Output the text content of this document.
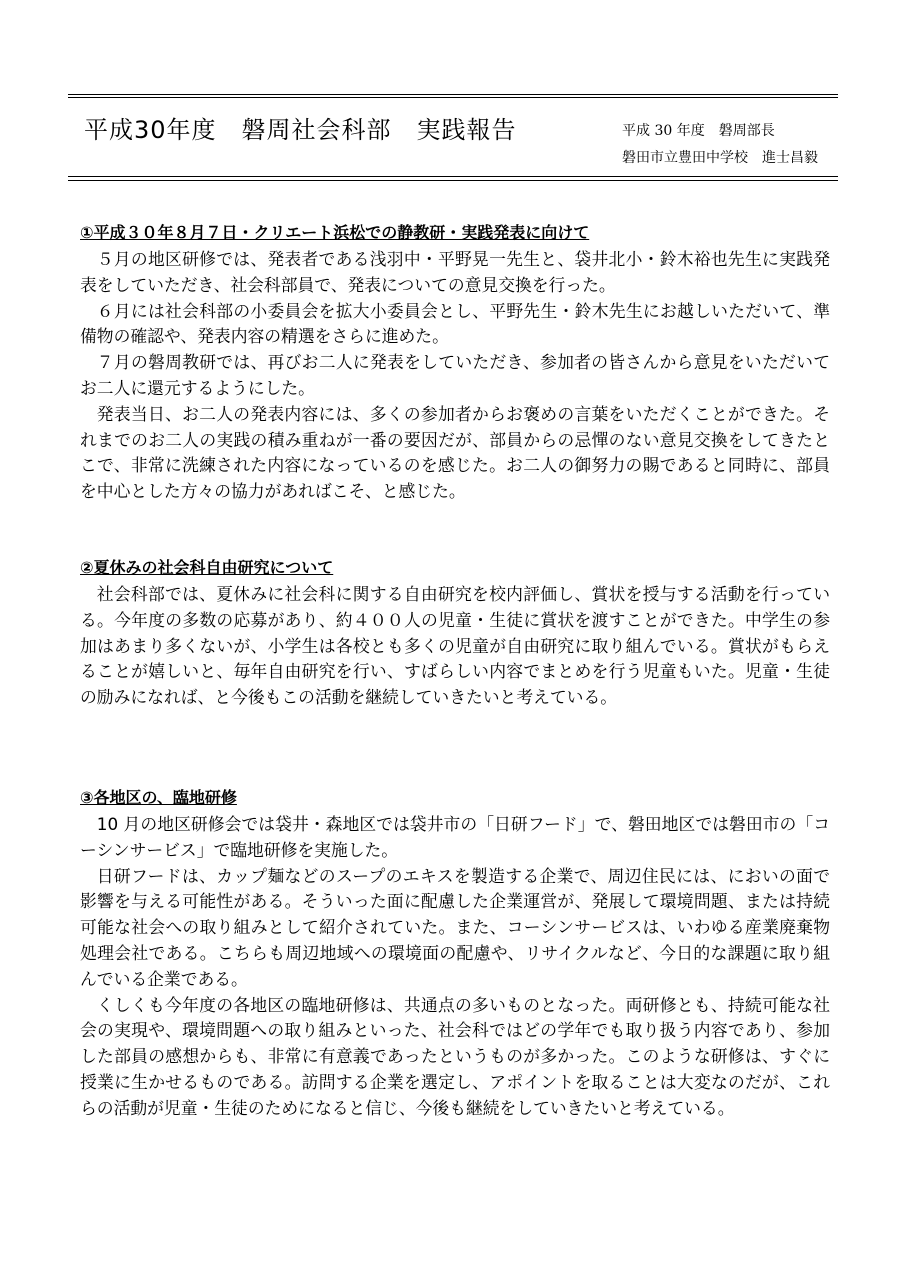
平成30年度　磐周社会科部　実践報告	平成 30 年度　磐周部長
磐田市立豊田中学校　進士昌毅
①平成３０年８月７日・クリエート浜松での静教研・実践発表に向けて

５月の地区研修では、発表者である浅羽中・平野晃一先生と、袋井北小・鈴木裕也先生に実践発表をしていただき、社会科部員で、発表についての意見交換を行った。

６月には社会科部の小委員会を拡大小委員会とし、平野先生・鈴木先生にお越しいただいて、準備物の確認や、発表内容の精選をさらに進めた。

７月の磐周教研では、再びお二人に発表をしていただき、参加者の皆さんから意見をいただいてお二人に還元するようにした。

発表当日、お二人の発表内容には、多くの参加者からお褒めの言葉をいただくことができた。それまでのお二人の実践の積み重ねが一番の要因だが、部員からの忌憚のない意見交換をしてきたとこで、非常に洗練された内容になっているのを感じた。お二人の御努力の賜であると同時に、部員を中心とした方々の協力があればこそ、と感じた。

②夏休みの社会科自由研究について

社会科部では、夏休みに社会科に関する自由研究を校内評価し、賞状を授与する活動を行っている。今年度の多数の応募があり、約４００人の児童・生徒に賞状を渡すことができた。中学生の参加はあまり多くないが、小学生は各校とも多くの児童が自由研究に取り組んでいる。賞状がもらえることが嬉しいと、毎年自由研究を行い、すばらしい内容でまとめを行う児童もいた。児童・生徒の励みになれば、と今後もこの活動を継続していきたいと考えている。

③各地区の、臨地研修

10 月の地区研修会では袋井・森地区では袋井市の「日研フード」で、磐田地区では磐田市の「コーシンサービス」で臨地研修を実施した。

日研フードは、カップ麺などのスープのエキスを製造する企業で、周辺住民には、においの面で影響を与える可能性がある。そういった面に配慮した企業運営が、発展して環境問題、または持続可能な社会への取り組みとして紹介されていた。また、コーシンサービスは、いわゆる産業廃棄物処理会社である。こちらも周辺地域への環境面の配慮や、リサイクルなど、今日的な課題に取り組んでいる企業である。

くしくも今年度の各地区の臨地研修は、共通点の多いものとなった。両研修とも、持続可能な社会の実現や、環境問題への取り組みといった、社会科ではどの学年でも取り扱う内容であり、参加した部員の感想からも、非常に有意義であったというものが多かった。このような研修は、すぐに授業に生かせるものである。訪問する企業を選定し、アポイントを取ることは大変なのだが、これらの活動が児童・生徒のためになると信じ、今後も継続をしていきたいと考えている。
